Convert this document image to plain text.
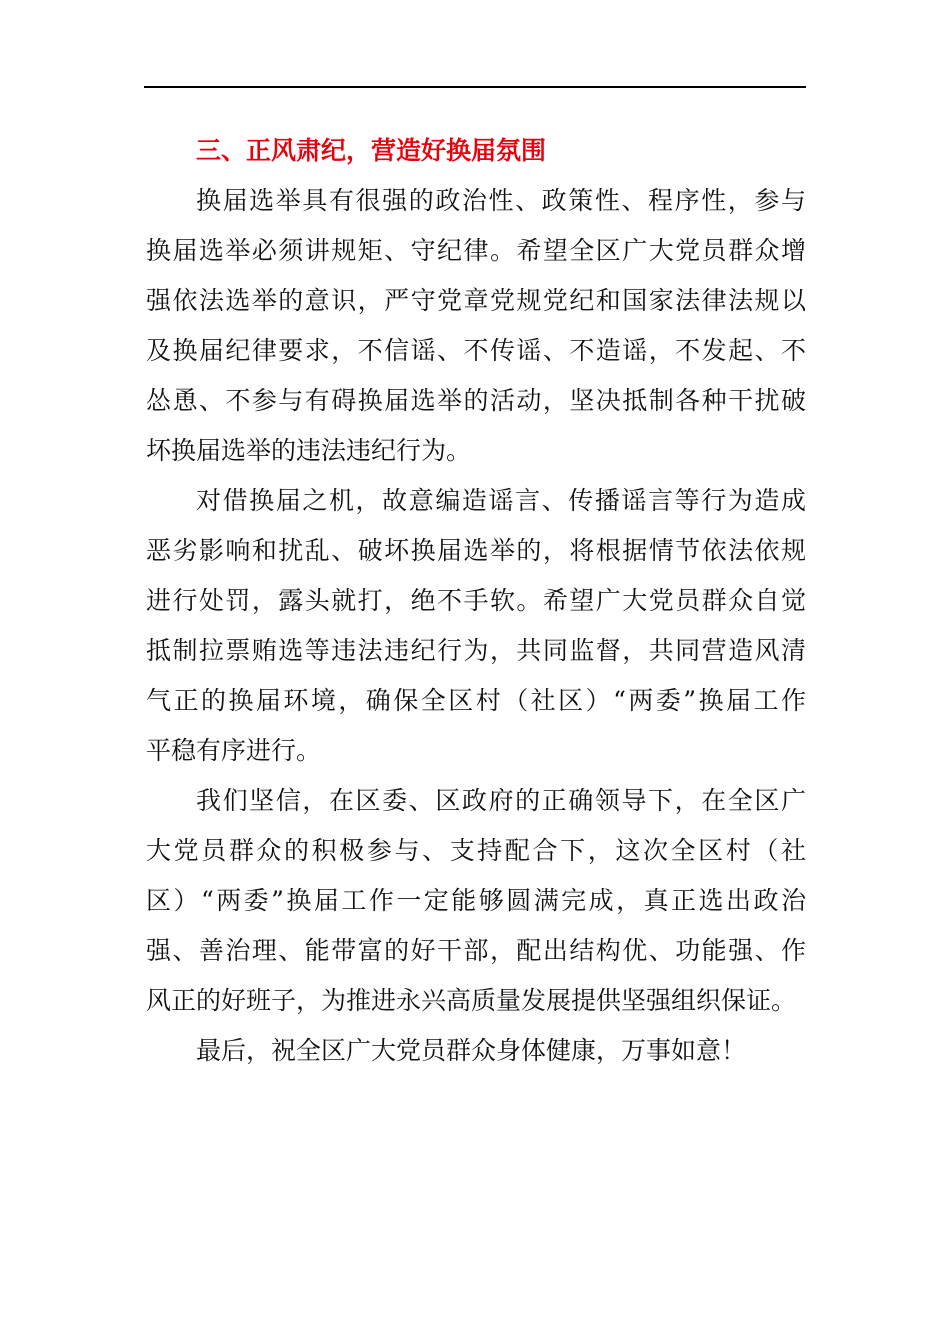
三、正风肃纪，营造好换届氛围

换届选举具有很强的政治性、政策性、程序性，参与
换届选举必须讲规矩、守纪律。希望全区广大党员群众增
强依法选举的意识，严守党章党规党纪和国家法律法规以
及换届纪律要求，不信谣、不传谣、不造谣，不发起、不
怂恿、不参与有碍换届选举的活动，坚决抵制各种干扰破
坏换届选举的违法违纪行为。

对借换届之机，故意编造谣言、传播谣言等行为造成
恶劣影响和扰乱、破坏换届选举的，将根据情节依法依规
进行处罚，露头就打，绝不手软。希望广大党员群众自觉
抵制拉票贿选等违法违纪行为，共同监督，共同营造风清
气正的换届环境，确保全区村（社区）“两委”换届工作
平稳有序进行。

我们坚信，在区委、区政府的正确领导下，在全区广
大党员群众的积极参与、支持配合下，这次全区村（社
区）“两委”换届工作一定能够圆满完成，真正选出政治
强、善治理、能带富的好干部，配出结构优、功能强、作
风正的好班子，为推进永兴高质量发展提供坚强组织保证。

最后，祝全区广大党员群众身体健康，万事如意！
